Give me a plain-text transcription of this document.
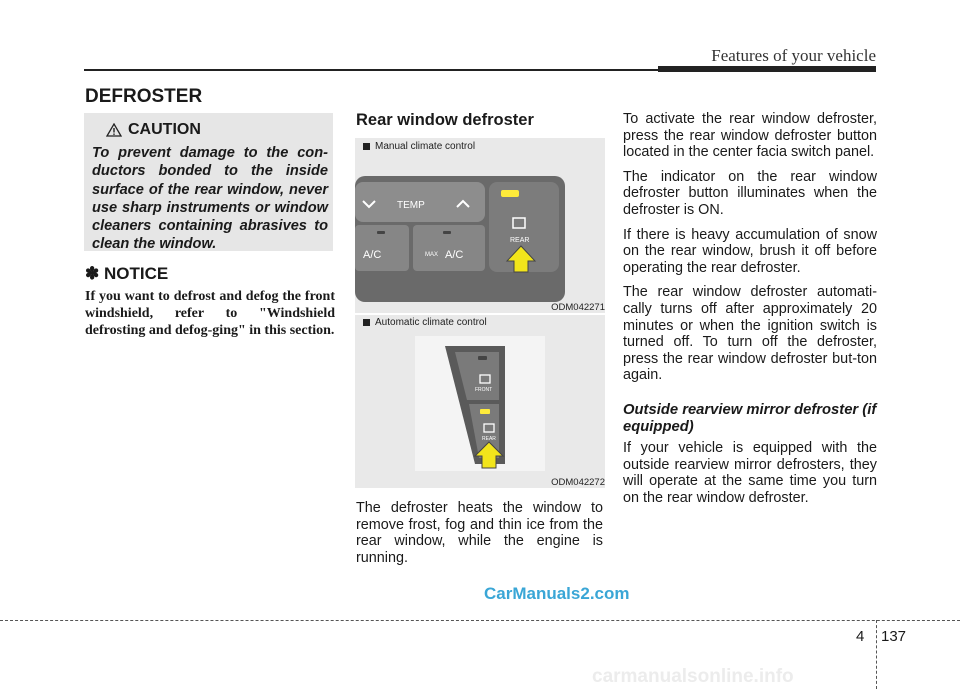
Features of your vehicle
DEFROSTER
CAUTION
To prevent damage to the con-ductors bonded to the inside surface of the rear window, never use sharp instruments or window cleaners containing abrasives to clean the window.
✽ NOTICE
If you want to defrost and defog the front windshield, refer to "Windshield defrosting and defog-ging" in this section.
Rear window defroster
Manual climate control
TEMP
A/C	MAX A/C
REAR
ODM042271
Automatic climate control
FRONT
REAR
ODM042272
The defroster heats the window to remove frost, fog and thin ice from the rear window, while the engine is running.

To activate the rear window defroster, press the rear window defroster button located in the center facia switch panel.

The indicator on the rear window defroster button illuminates when the defroster is ON.

If there is heavy accumulation of snow on the rear window, brush it off before operating the rear defroster.

The rear window defroster automati-cally turns off after approximately 20 minutes or when the ignition switch is turned off. To turn off the defroster, press the rear window defroster but-ton again.

Outside rearview mirror defroster (if equipped)

If your vehicle is equipped with the outside rearview mirror defrosters, they will operate at the same time you turn on the rear window defroster.

CarManuals2.com
4 137
carmanualsonline.info
